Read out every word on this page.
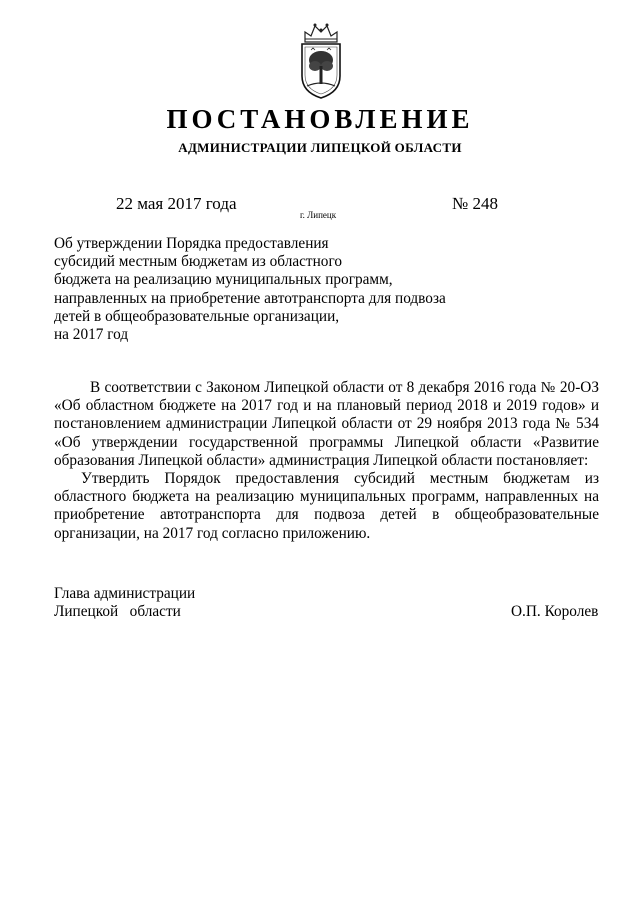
ПОСТАНОВЛЕНИЕ
АДМИНИСТРАЦИИ ЛИПЕЦКОЙ ОБЛАСТИ
22 мая 2017 года
г. Липецк
№ 248
Об утверждении Порядка предоставления
субсидий местным бюджетам из областного
бюджета на реализацию муниципальных программ,
направленных на приобретение автотранспорта для подвоза
детей в общеобразовательные организации,
на 2017 год

В соответствии с Законом Липецкой области от 8 декабря 2016 года № 20-ОЗ «Об областном бюджете на 2017 год и на плановый период 2018 и 2019 годов» и постановлением администрации Липецкой области от 29 ноября 2013 года № 534 «Об утверждении государственной программы Липецкой области «Развитие образования Липецкой области» администрация Липецкой области постановляет:

Утвердить Порядок предоставления субсидий местным бюджетам из областного бюджета на реализацию муниципальных программ, направленных на приобретение автотранспорта для подвоза детей в общеобразовательные организации, на 2017 год согласно приложению.

Глава администрации
Липецкой   области	О.П. Королев
